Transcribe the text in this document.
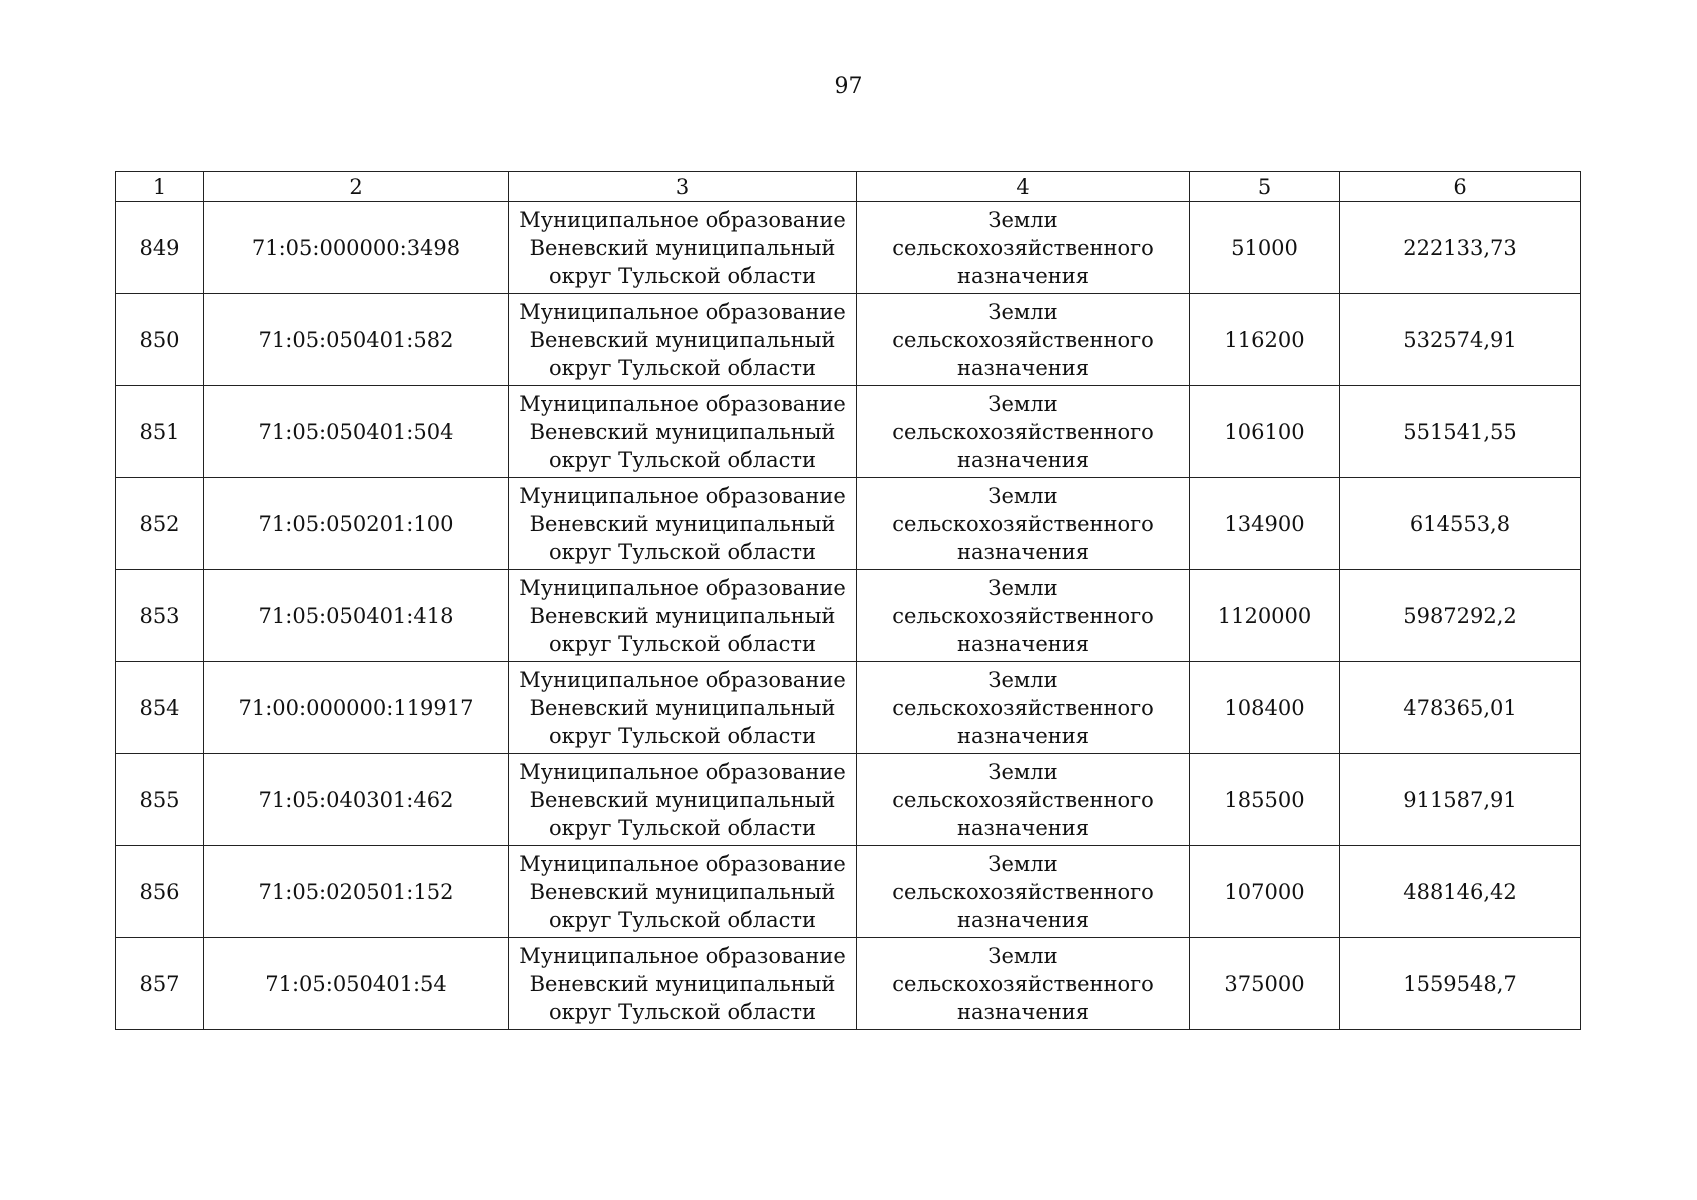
97
1	2	3	4	5	6

849	71:05:000000:3498	Муниципальное образование
Веневский муниципальный
округ Тульской области	Земли
сельскохозяйственного
назначения	51000	222133,73

850	71:05:050401:582	Муниципальное образование
Веневский муниципальный
округ Тульской области	Земли
сельскохозяйственного
назначения	116200	532574,91

851	71:05:050401:504	Муниципальное образование
Веневский муниципальный
округ Тульской области	Земли
сельскохозяйственного
назначения	106100	551541,55

852	71:05:050201:100	Муниципальное образование
Веневский муниципальный
округ Тульской области	Земли
сельскохозяйственного
назначения	134900	614553,8

853	71:05:050401:418	Муниципальное образование
Веневский муниципальный
округ Тульской области	Земли
сельскохозяйственного
назначения	1120000	5987292,2

854	71:00:000000:119917	Муниципальное образование
Веневский муниципальный
округ Тульской области	Земли
сельскохозяйственного
назначения	108400	478365,01

855	71:05:040301:462	Муниципальное образование
Веневский муниципальный
округ Тульской области	Земли
сельскохозяйственного
назначения	185500	911587,91

856	71:05:020501:152	Муниципальное образование
Веневский муниципальный
округ Тульской области	Земли
сельскохозяйственного
назначения	107000	488146,42

857	71:05:050401:54	Муниципальное образование
Веневский муниципальный
округ Тульской области	Земли
сельскохозяйственного
назначения	375000	1559548,7
